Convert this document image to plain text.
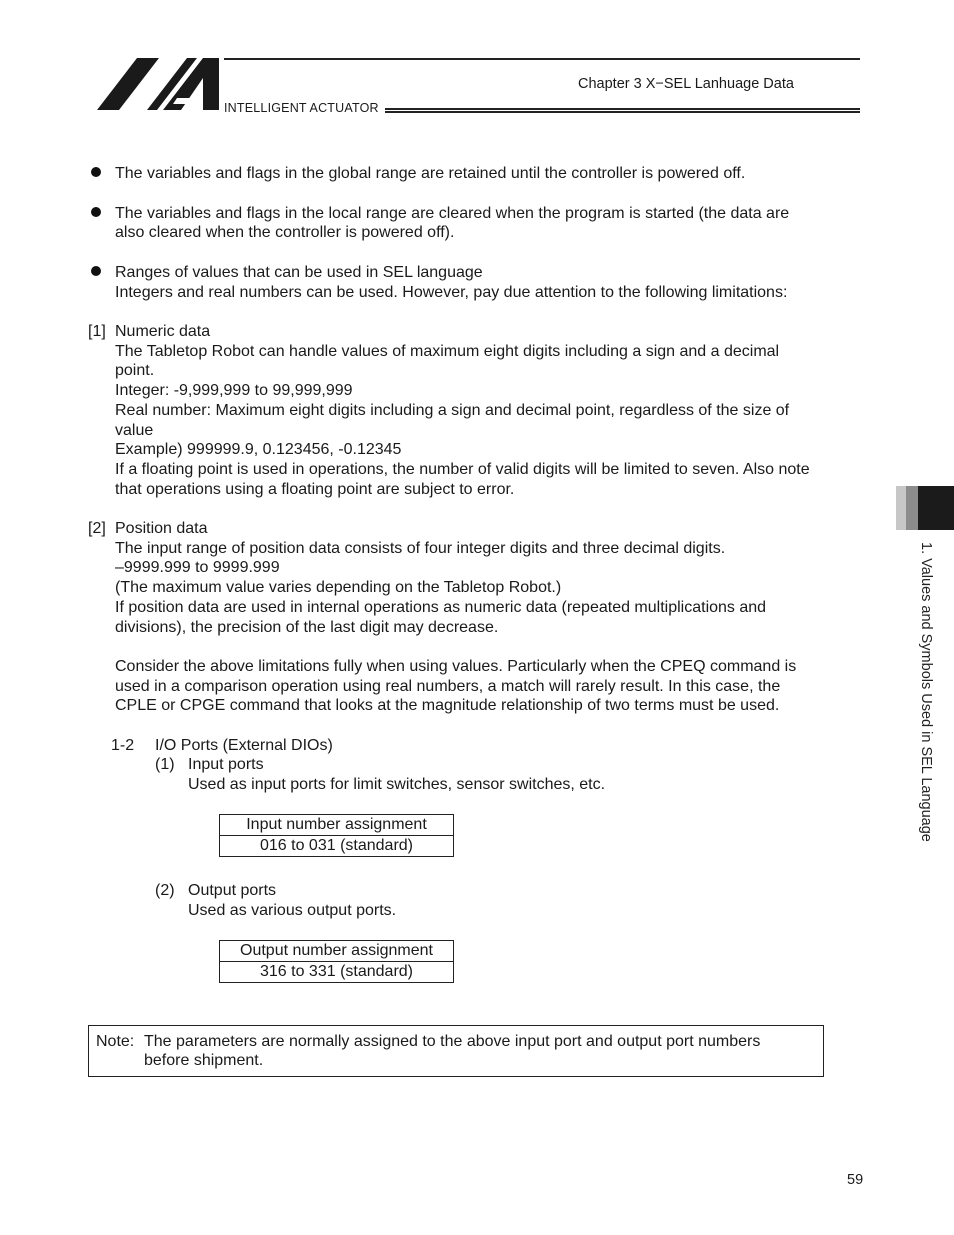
Chapter 3 X−SEL Lanhuage Data
INTELLIGENT ACTUATOR
The variables and flags in the global range are retained until the controller is powered off.
The variables and flags in the local range are cleared when the program is started (the data are
also cleared when the controller is powered off).
Ranges of values that can be used in SEL language
Integers and real numbers can be used. However, pay due attention to the following limitations:
[1] Numeric data
The Tabletop Robot can handle values of maximum eight digits including a sign and a decimal
point.
Integer: -9,999,999 to 99,999,999
Real number: Maximum eight digits including a sign and decimal point, regardless of the size of
value
Example) 999999.9, 0.123456, -0.12345
If a floating point is used in operations, the number of valid digits will be limited to seven. Also note
that operations using a floating point are subject to error.
[2] Position data
The input range of position data consists of four integer digits and three decimal digits.
–9999.999 to 9999.999
(The maximum value varies depending on the Tabletop Robot.)
If position data are used in internal operations as numeric data (repeated multiplications and
divisions), the precision of the last digit may decrease.
Consider the above limitations fully when using values. Particularly when the CPEQ command is
used in a comparison operation using real numbers, a match will rarely result. In this case, the
CPLE or CPGE command that looks at the magnitude relationship of two terms must be used.
1-2 I/O Ports (External DIOs)
(1) Input ports
Used as input ports for limit switches, sensor switches, etc.
Input number assignment
016 to 031 (standard)
(2) Output ports
Used as various output ports.
Output number assignment
316 to 331 (standard)
Note: The parameters are normally assigned to the above input port and output port numbers
before shipment.
1. Values and Symbols Used in SEL Language
59
